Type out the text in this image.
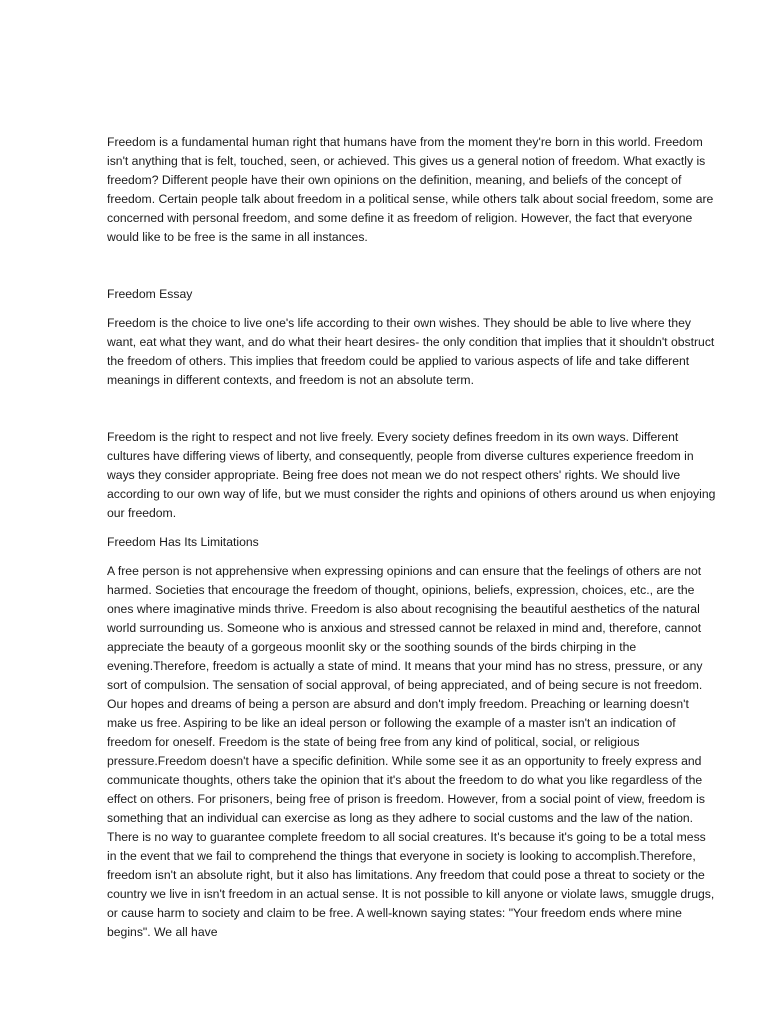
Freedom is a fundamental human right that humans have from the moment they're born in this world. Freedom isn't anything that is felt, touched, seen, or achieved. This gives us a general notion of freedom. What exactly is freedom? Different people have their own opinions on the definition, meaning, and beliefs of the concept of freedom. Certain people talk about freedom in a political sense, while others talk about social freedom, some are concerned with personal freedom, and some define it as freedom of religion. However, the fact that everyone would like to be free is the same in all instances.

Freedom Essay

Freedom is the choice to live one's life according to their own wishes. They should be able to live where they want, eat what they want, and do what their heart desires- the only condition that implies that it shouldn't obstruct the freedom of others. This implies that freedom could be applied to various aspects of life and take different meanings in different contexts, and freedom is not an absolute term.

Freedom is the right to respect and not live freely. Every society defines freedom in its own ways. Different cultures have differing views of liberty, and consequently, people from diverse cultures experience freedom in ways they consider appropriate. Being free does not mean we do not respect others' rights. We should live according to our own way of life, but we must consider the rights and opinions of others around us when enjoying our freedom.

Freedom Has Its Limitations

A free person is not apprehensive when expressing opinions and can ensure that the feelings of others are not harmed. Societies that encourage the freedom of thought, opinions, beliefs, expression, choices, etc., are the ones where imaginative minds thrive. Freedom is also about recognising the beautiful aesthetics of the natural world surrounding us. Someone who is anxious and stressed cannot be relaxed in mind and, therefore, cannot appreciate the beauty of a gorgeous moonlit sky or the soothing sounds of the birds chirping in the evening.Therefore, freedom is actually a state of mind. It means that your mind has no stress, pressure, or any sort of compulsion. The sensation of social approval, of being appreciated, and of being secure is not freedom. Our hopes and dreams of being a person are absurd and don't imply freedom. Preaching or learning doesn't make us free. Aspiring to be like an ideal person or following the example of a master isn't an indication of freedom for oneself. Freedom is the state of being free from any kind of political, social, or religious pressure.Freedom doesn't have a specific definition. While some see it as an opportunity to freely express and communicate thoughts, others take the opinion that it's about the freedom to do what you like regardless of the effect on others. For prisoners, being free of prison is freedom. However, from a social point of view, freedom is something that an individual can exercise as long as they adhere to social customs and the law of the nation. There is no way to guarantee complete freedom to all social creatures. It's because it's going to be a total mess in the event that we fail to comprehend the things that everyone in society is looking to accomplish.Therefore, freedom isn't an absolute right, but it also has limitations. Any freedom that could pose a threat to society or the country we live in isn't freedom in an actual sense. It is not possible to kill anyone or violate laws, smuggle drugs, or cause harm to society and claim to be free. A well-known saying states: "Your freedom ends where mine begins". We all have
